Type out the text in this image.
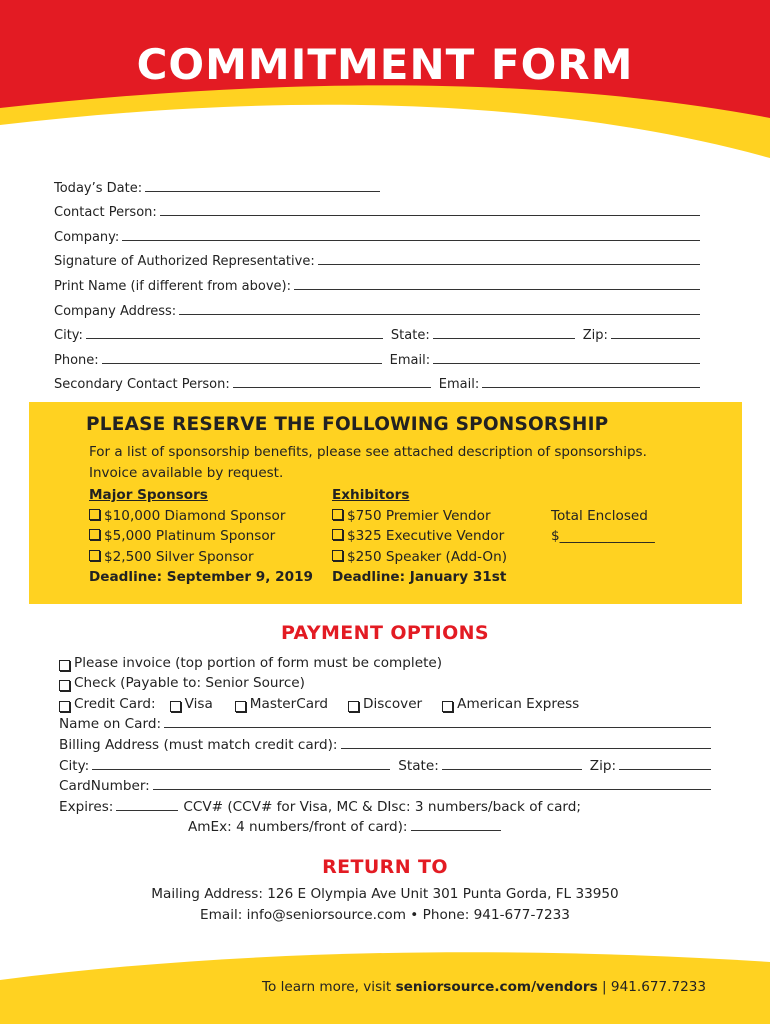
COMMITMENT FORM
Today’s Date:
Contact Person:
Company:
Signature of Authorized Representative:
Print Name (if different from above):
Company Address:
City:	State:	Zip:
Phone:	Email:
Secondary Contact Person:	Email:
PLEASE RESERVE THE FOLLOWING SPONSORSHIP
For a list of sponsorship benefits, please see attached description of sponsorships.
Invoice available by request.
Major Sponsors
$10,000 Diamond Sponsor
$5,000 Platinum Sponsor
$2,500 Silver Sponsor
Deadline: September 9, 2019
Exhibitors
$750 Premier Vendor
$325 Executive Vendor
$250 Speaker (Add-On)
Deadline: January 31st
Total Enclosed
$______________
PAYMENT OPTIONS
Please invoice (top portion of form must be complete)
Check (Payable to: Senior Source)
Credit Card: Visa	MasterCard	Discover	American Express
Name on Card:
Billing Address (must match credit card):
City:	State:	Zip:
CardNumber:
Expires:	CCV# (CCV# for Visa, MC & DIsc: 3 numbers/back of card;
AmEx: 4 numbers/front of card):
RETURN TO
Mailing Address: 126 E Olympia Ave Unit 301 Punta Gorda, FL 33950
Email: info@seniorsource.com • Phone: 941-677-7233
To learn more, visit seniorsource.com/vendors | 941.677.7233
